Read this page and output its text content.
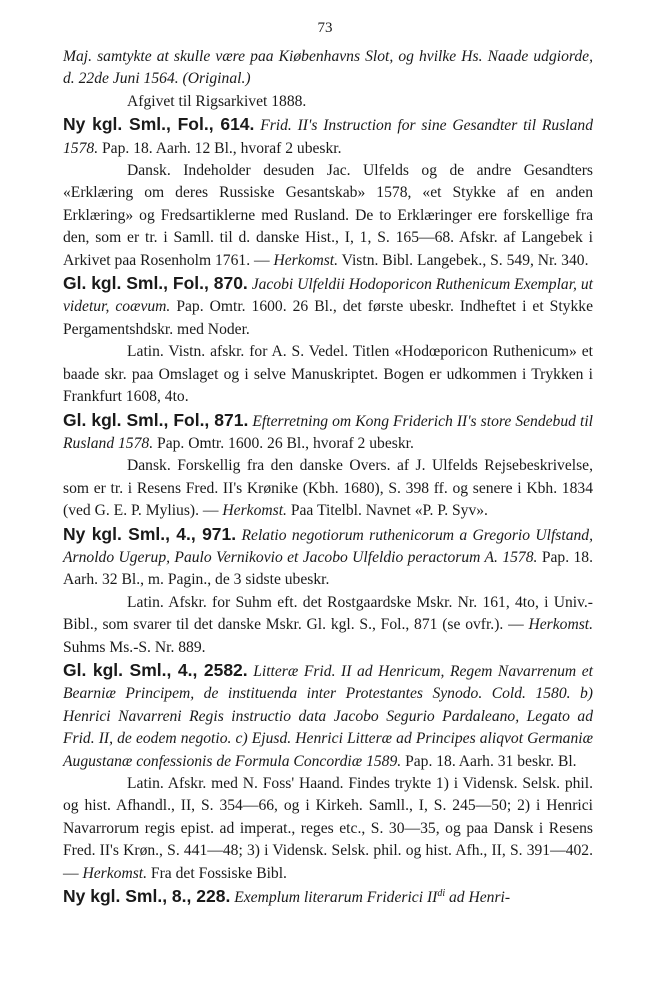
73

Maj. samtykte at skulle være paa Kiøbenhavns Slot, og hvilke Hs. Naade udgiorde, d. 22de Juni 1564. (Original.)

Afgivet til Rigsarkivet 1888.

Ny kgl. Sml., Fol., 614. Frid. II's Instruction for sine Gesandter til Rusland 1578. Pap. 18. Aarh. 12 Bl., hvoraf 2 ubeskr.

Dansk. Indeholder desuden Jac. Ulfelds og de andre Gesandters «Erklæring om deres Russiske Gesantskab» 1578, «et Stykke af en anden Erklæring» og Fredsartiklerne med Rusland. De to Erklæringer ere forskellige fra den, som er tr. i Samll. til d. danske Hist., I, 1, S. 165—68. Afskr. af Langebek i Arkivet paa Rosenholm 1761. — Herkomst. Vistn. Bibl. Langebek., S. 549, Nr. 340.

Gl. kgl. Sml., Fol., 870. Jacobi Ulfeldii Hodoporicon Ruthenicum Exemplar, ut videtur, coævum. Pap. Omtr. 1600. 26 Bl., det første ubeskr. Indheftet i et Stykke Pergamentshdskr. med Noder.

Latin. Vistn. afskr. for A. S. Vedel. Titlen «Hodœporicon Ruthenicum» et baade skr. paa Omslaget og i selve Manuskriptet. Bogen er udkommen i Trykken i Frankfurt 1608, 4to.

Gl. kgl. Sml., Fol., 871. Efterretning om Kong Friderich II's store Sendebud til Rusland 1578. Pap. Omtr. 1600. 26 Bl., hvoraf 2 ubeskr.

Dansk. Forskellig fra den danske Overs. af J. Ulfelds Rejsebeskrivelse, som er tr. i Resens Fred. II's Krønike (Kbh. 1680), S. 398 ff. og senere i Kbh. 1834 (ved G. E. P. Mylius). — Herkomst. Paa Titelbl. Navnet «P. P. Syv».

Ny kgl. Sml., 4., 971. Relatio negotiorum ruthenicorum a Gregorio Ulfstand, Arnoldo Ugerup, Paulo Vernikovio et Jacobo Ulfeldio peractorum A. 1578. Pap. 18. Aarh. 32 Bl., m. Pagin., de 3 sidste ubeskr.

Latin. Afskr. for Suhm eft. det Rostgaardske Mskr. Nr. 161, 4to, i Univ.-Bibl., som svarer til det danske Mskr. Gl. kgl. S., Fol., 871 (se ovfr.). — Herkomst. Suhms Ms.-S. Nr. 889.

Gl. kgl. Sml., 4., 2582. Litteræ Frid. II ad Henricum, Regem Navarrenum et Bearniæ Principem, de instituenda inter Protestantes Synodo. Cold. 1580. b) Henrici Navarreni Regis instructio data Jacobo Segurio Pardaleano, Legato ad Frid. II, de eodem negotio. c) Ejusd. Henrici Litteræ ad Principes aliqvot Germaniæ Augustanæ confessionis de Formula Concordiæ 1589. Pap. 18. Aarh. 31 beskr. Bl.

Latin. Afskr. med N. Foss' Haand. Findes trykte 1) i Vidensk. Selsk. phil. og hist. Afhandl., II, S. 354—66, og i Kirkeh. Samll., I, S. 245—50; 2) i Henrici Navarrorum regis epist. ad imperat., reges etc., S. 30—35, og paa Dansk i Resens Fred. II's Krøn., S. 441—48; 3) i Vidensk. Selsk. phil. og hist. Afh., II, S. 391—402. — Herkomst. Fra det Fossiske Bibl.

Ny kgl. Sml., 8., 228. Exemplum literarum Friderici $II^{di}$ ad Henri-
